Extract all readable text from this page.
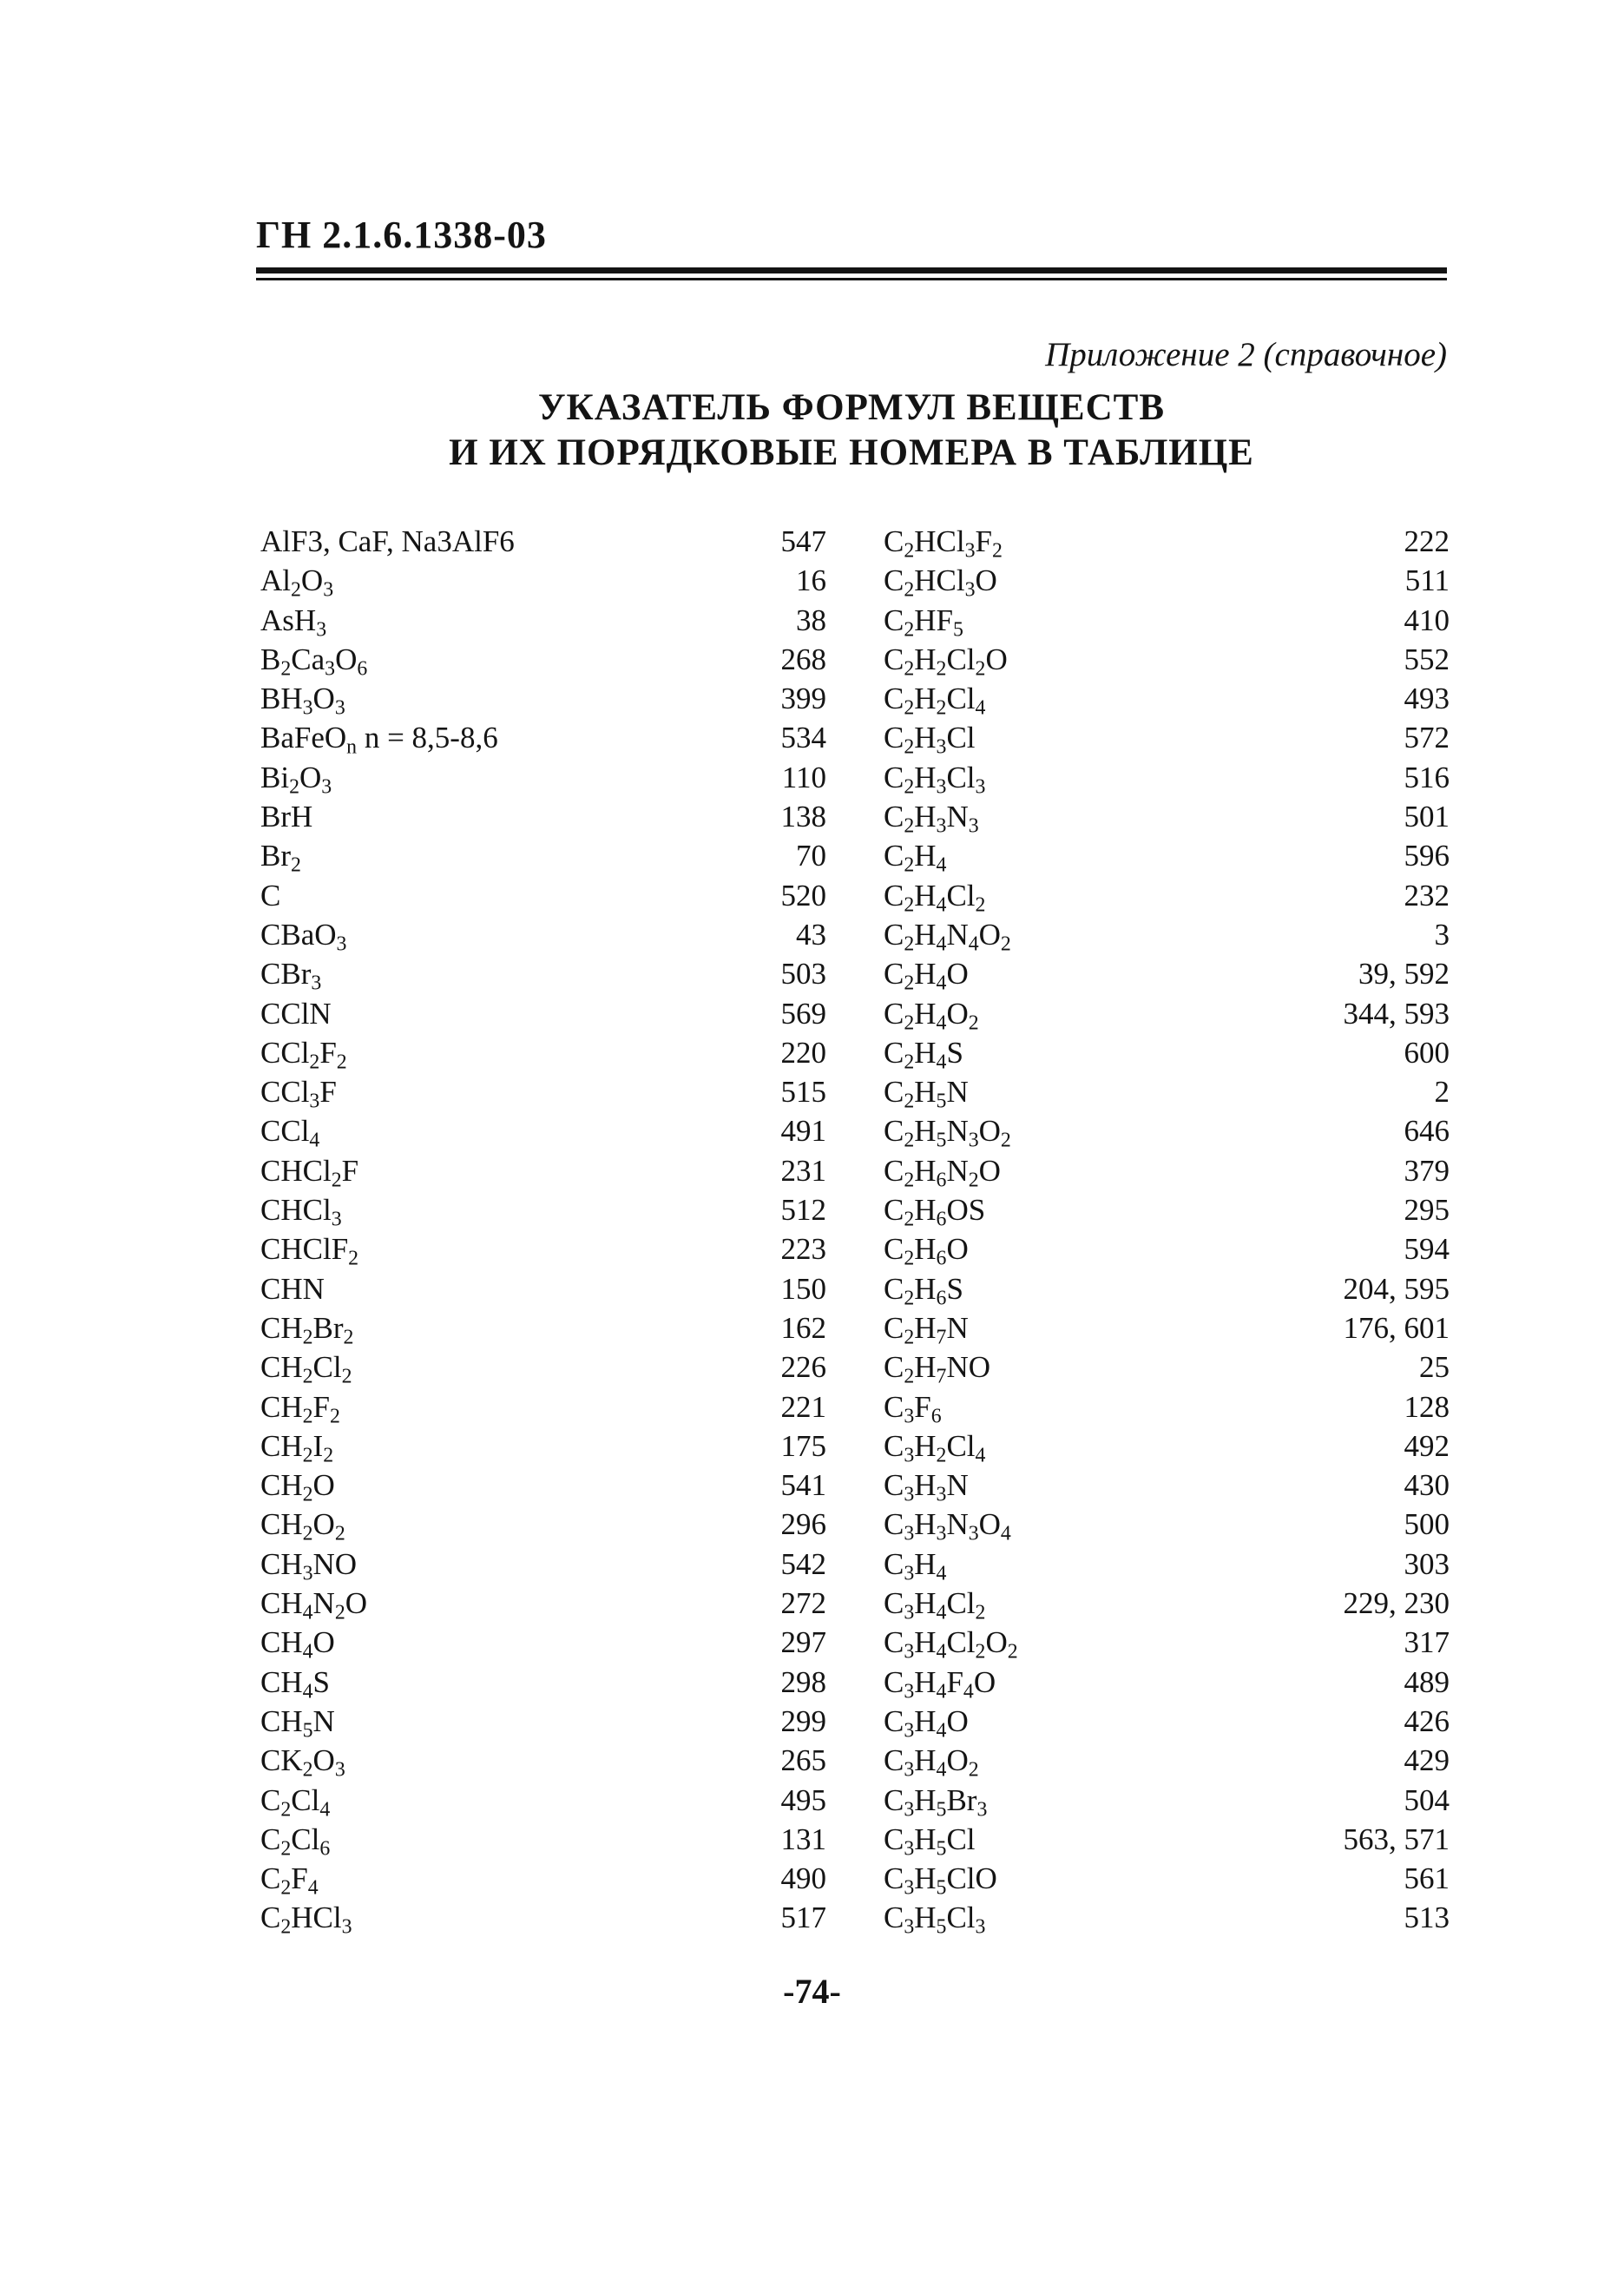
ГН 2.1.6.1338-03
Приложение 2 (справочное)
УКАЗАТЕЛЬ ФОРМУЛ ВЕЩЕСТВ
И ИХ ПОРЯДКОВЫЕ НОМЕРА В ТАБЛИЦЕ
AlF3, CaF, Na3AlF6	547
$Al_2O_3$	16
AsH$_3$	38
$B_2Ca_3O_6$	268
$BH_3O_3$	399
BaFeO$_n$ n = 8,5-8,6	534
$Bi_2O_3$	110
BrH	138
$Br_2$	70
C	520
CBaO$_3$	43
CBr$_3$	503
CClN	569
$CCl_2F_2$	220
CCl$_3$F	515
CCl$_4$	491
CHCl$_2$F	231
CHCl$_3$	512
CHClF$_2$	223
CHN	150
$CH_2Br_2$	162
$CH_2Cl_2$	226
$CH_2F_2$	221
$CH_2I_2$	175
$CH_2O$	541
$CH_2O_2$	296
$CH_3NO$	542
$CH_4N_2O$	272
$CH_4O$	297
$CH_4S$	298
$CH_5N$	299
$CK_2O_3$	265
$C_2Cl_4$	495
$C_2Cl_6$	131
$C_2F_4$	490
$C_2HCl_3$	517
$C_2HCl_3F_2$	222
$C_2HCl_3O$	511
$C_2HF_5$	410
$C_2H_2Cl_2O$	552
$C_2H_2Cl_4$	493
$C_2H_3Cl$	572
$C_2H_3Cl_3$	516
$C_2H_3N_3$	501
$C_2H_4$	596
$C_2H_4Cl_2$	232
$C_2H_4N_4O_2$	3
$C_2H_4O$	39, 592
$C_2H_4O_2$	344, 593
$C_2H_4S$	600
$C_2H_5N$	2
$C_2H_5N_3O_2$	646
$C_2H_6N_2O$	379
$C_2H_6OS$	295
$C_2H_6O$	594
$C_2H_6S$	204, 595
$C_2H_7N$	176, 601
$C_2H_7NO$	25
$C_3F_6$	128
$C_3H_2Cl_4$	492
$C_3H_3N$	430
$C_3H_3N_3O_4$	500
$C_3H_4$	303
$C_3H_4Cl_2$	229, 230
$C_3H_4Cl_2O_2$	317
$C_3H_4F_4O$	489
$C_3H_4O$	426
$C_3H_4O_2$	429
$C_3H_5Br_3$	504
$C_3H_5Cl$	563, 571
$C_3H_5ClO$	561
$C_3H_5Cl_3$	513
-74-
